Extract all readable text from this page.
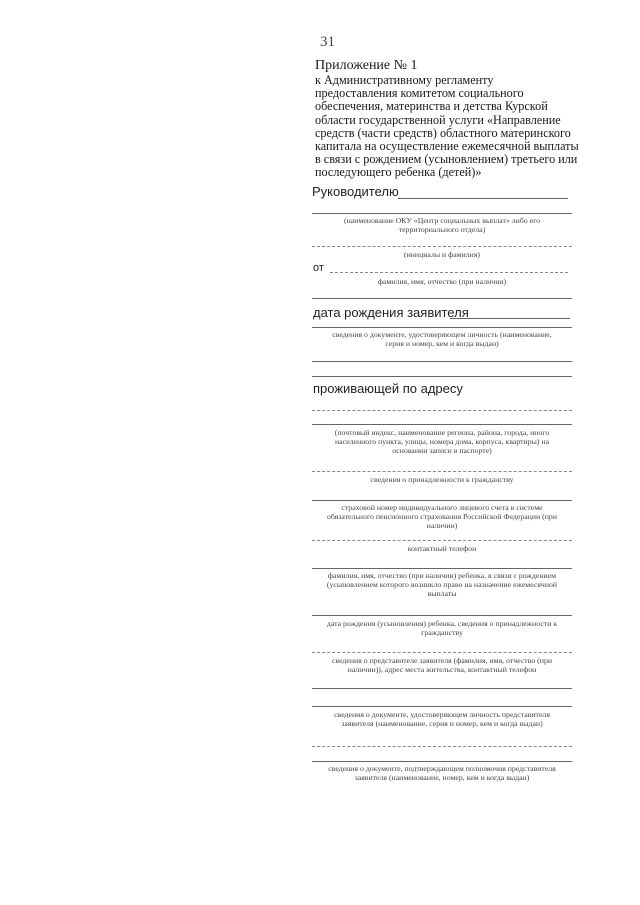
31
Приложение № 1
к Административному регламенту
предоставления комитетом социального
обеспечения, материнства и детства Курской
области государственной услуги «Направление
средств (части средств) областного материнского
капитала на осуществление ежемесячной выплаты
в связи с рождением (усыновлением) третьего или
последующего ребенка (детей)»
Руководителю
(наименование ОКУ «Центр социальных выплат» либо его
территориального отдела)
(инициалы и фамилия)
от
фамилия, имя, отчество (при наличии)
дата рождения заявителя
сведения о документе, удостоверяющем личность (наименование,
серия и номер, кем и когда выдан)
проживающей по адресу
(почтовый индекс, наименование региона, района, города, иного
населенного пункта, улицы, номера дома, корпуса, квартиры) на
основании записи в паспорте)
сведения о принадлежности к гражданству
страховой номер индивидуального лицевого счета в системе
обязательного пенсионного страхования Российской Федерации (при
наличии)
контактный телефон
фамилия, имя, отчество (при наличии) ребенка, в связи с рождением
(усыновлением которого возникло право на назначение ежемесячной
выплаты
дата рождения (усыновления) ребенка, сведения о принадлежности к
гражданству
сведения о представителе заявителя (фамилия, имя, отчество (при
наличии)), адрес места жительства, контактный телефон
сведения о документе, удостоверяющем личность представителя
заявителя (наименование, серия и номер, кем и когда выдан)
сведения о документе, подтверждающем полномочия представителя
заявителя (наименование, номер, кем и когда выдан)
